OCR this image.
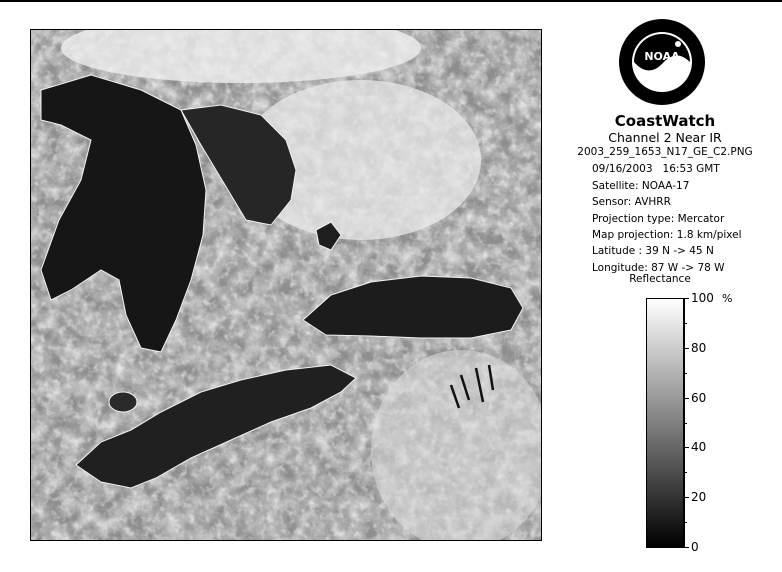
NOAA
CoastWatch
Channel 2 Near IR
2003_259_1653_N17_GE_C2.PNG
09/16/2003 16:53 GMT
Satellite: NOAA-17
Sensor: AVHRR
Projection type: Mercator
Map projection: 1.8 km/pixel
Latitude : 39 N -> 45 N
Longitude: 87 W -> 78 W
Reflectance
%
100
80
60
40
20
0
